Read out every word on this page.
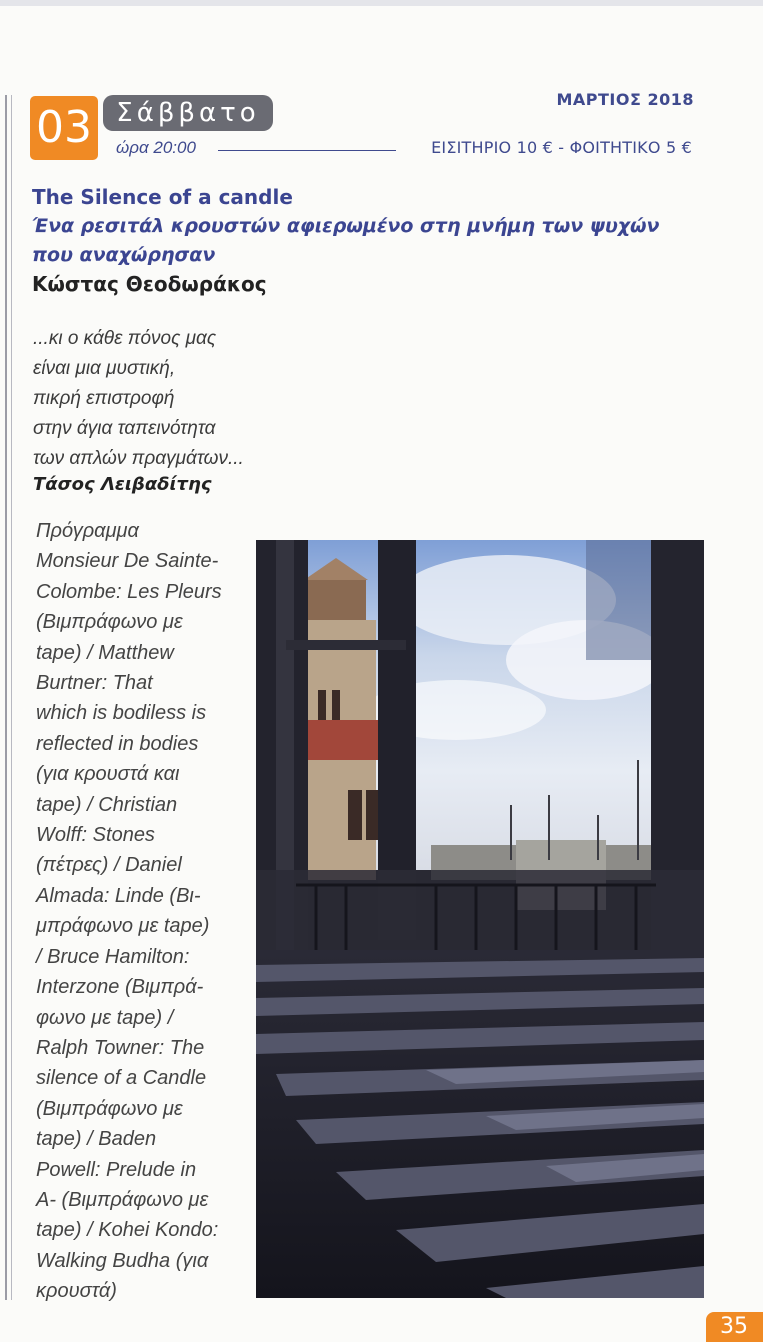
03 Σάββατο	ΜΑΡΤΙΟΣ 2018
ώρα 20:00	ΕΙΣΙΤΗΡΙΟ 10 € - ΦΟΙΤΗΤΙΚΟ 5 €
The Silence of a candle
Ένα ρεσιτάλ κρουστών αφιερωμένο στη μνήμη των ψυχών
που αναχώρησαν
Κώστας Θεοδωράκος
...κι ο κάθε πόνος μας
είναι μια μυστική,
πικρή επιστροφή
στην άγια ταπεινότητα
των απλών πραγμάτων...
Τάσος Λειβαδίτης
Πρόγραμμα
Monsieur De Sainte-
Colombe: Les Pleurs
(Βιμπράφωνο με
tape) / Matthew
Burtner: That
which is bodiless is
reflected in bodies
(για κρουστά και
tape) / Christian
Wolff: Stones
(πέτρες) / Daniel
Almada: Linde (Βι-
μπράφωνο με tape)
/ Bruce Hamilton:
Interzone (Βιμπρά-
φωνο με tape) /
Ralph Towner: The
silence of a Candle
(Βιμπράφωνο με
tape) / Baden
Powell: Prelude in
A- (Βιμπράφωνο με
tape) / Kohei Kondo:
Walking Budha (για
κρουστά)
35
